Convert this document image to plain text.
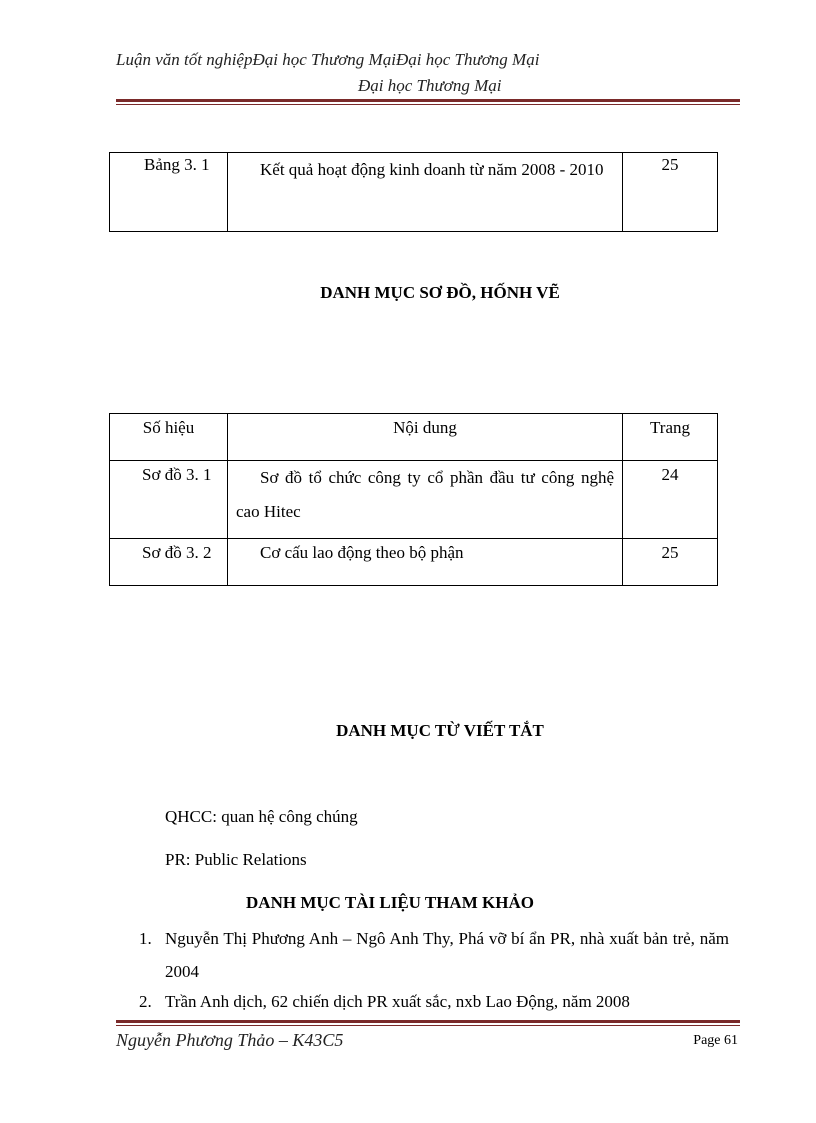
Luận văn tốt nghiệpĐại học Thương MạiĐại học Thương Mại
Đại học Thương Mại
Bảng 3. 1	Kết quả hoạt động kinh doanh từ năm 2008 - 2010	25
DANH MỤC SƠ ĐỒ, HỐNH VẼ
Số hiệu	Nội dung	Trang

Sơ đồ 3. 1	Sơ đồ tổ chức công ty cổ phần đầu tư công nghệ cao Hitec	24

Sơ đồ 3. 2	Cơ cấu lao động theo bộ phận	25
DANH MỤC TỪ VIẾT TẮT
QHCC: quan hệ công chúng
PR: Public Relations
DANH MỤC TÀI LIỆU THAM KHẢO
1. Nguyễn Thị Phương Anh – Ngô Anh Thy, Phá vỡ bí ẩn PR, nhà xuất bản trẻ, năm 2004
2. Trần Anh dịch, 62 chiến dịch PR xuất sắc, nxb Lao Động, năm 2008
Nguyễn Phương Thảo – K43C5	Page 61
